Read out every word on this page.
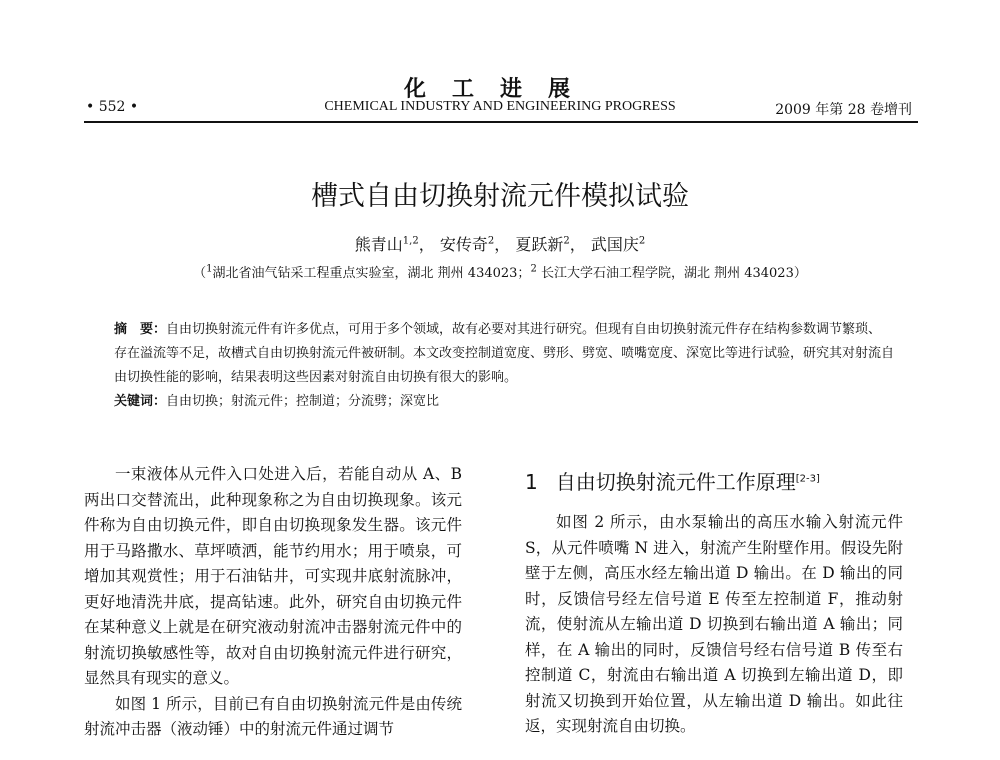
化工进展
• 552 •	CHEMICAL INDUSTRY AND ENGINEERING PROGRESS	2009 年第 28 卷增刊
槽式自由切换射流元件模拟试验
熊青山$^{1,2}$， 安传奇$^2$， 夏跃新$^2$， 武国庆$^2$
（$^1$湖北省油气钻采工程重点实验室，湖北 荆州 434023；$^2$ 长江大学石油工程学院，湖北 荆州 434023）

摘　要：自由切换射流元件有许多优点，可用于多个领域，故有必要对其进行研究。但现有自由切换射流元件存在结构参数调节繁琐、存在溢流等不足，故槽式自由切换射流元件被研制。本文改变控制道宽度、劈形、劈宽、喷嘴宽度、深宽比等进行试验，研究其对射流自由切换性能的影响，结果表明这些因素对射流自由切换有很大的影响。

关键词：自由切换；射流元件；控制道；分流劈；深宽比

一束液体从元件入口处进入后，若能自动从 A、B 两出口交替流出，此种现象称之为自由切换现象。该元件称为自由切换元件，即自由切换现象发生器。该元件用于马路撒水、草坪喷洒，能节约用水；用于喷泉，可增加其观赏性；用于石油钻井，可实现井底射流脉冲，更好地清洗井底，提高钻速。此外，研究自由切换元件在某种意义上就是在研究液动射流冲击器射流元件中的射流切换敏感性等，故对自由切换射流元件进行研究，显然具有现实的意义。

如图 1 所示，目前已有自由切换射流元件是由传统射流冲击器（液动锤）中的射流元件通过调节

1 自由切换射流元件工作原理[2-3]

如图 2 所示，由水泵输出的高压水输入射流元件 S，从元件喷嘴 N 进入，射流产生附壁作用。假设先附壁于左侧，高压水经左输出道 D 输出。在 D 输出的同时，反馈信号经左信号道 E 传至左控制道 F，推动射流，使射流从左输出道 D 切换到右输出道 A 输出；同样，在 A 输出的同时，反馈信号经右信号道 B 传至右控制道 C，射流由右输出道 A 切换到左输出道 D，即射流又切换到开始位置，从左输出道 D 输出。如此往返，实现射流自由切换。
